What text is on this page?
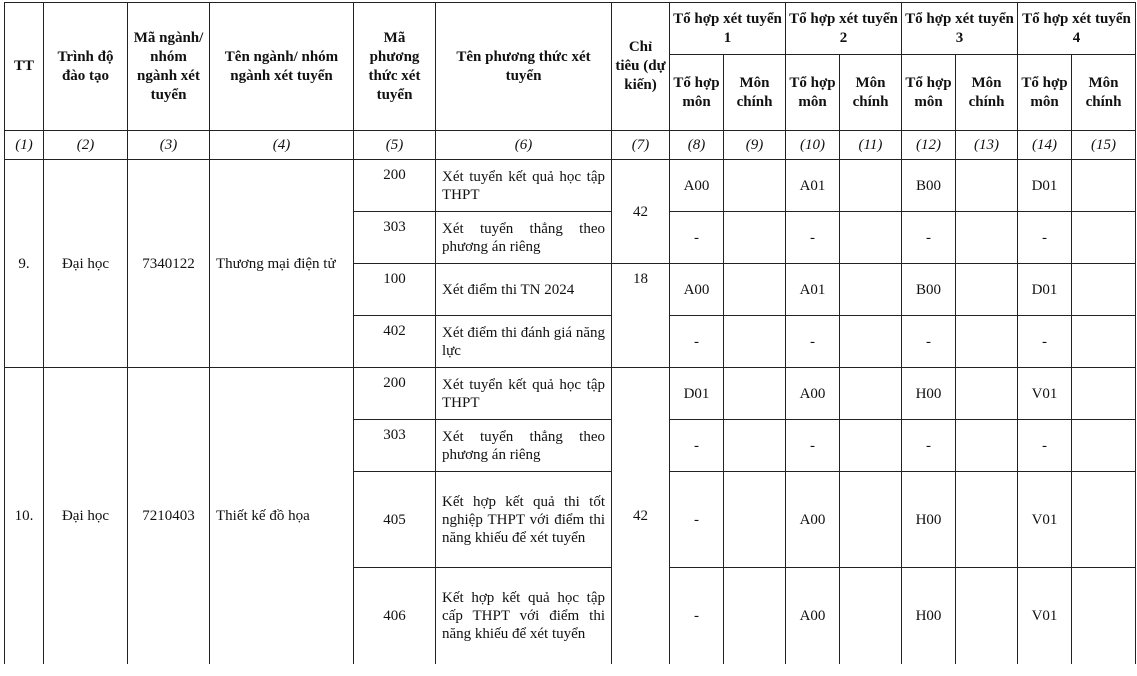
TT	Trình độ đào tạo	Mã ngành/ nhóm ngành xét tuyển	Tên ngành/ nhóm ngành xét tuyển	Mã phương thức xét tuyển	Tên phương thức xét tuyển	Chỉ tiêu (dự kiến)	Tổ hợp xét tuyển 1		Tổ hợp xét tuyển 2		Tổ hợp xét tuyển 3		Tổ hợp xét tuyển 4	
							Tổ hợp môn	Môn chính	Tổ hợp môn	Môn chính	Tổ hợp môn	Môn chính	Tổ hợp môn	Môn chính
(1)	(2)	(3)	(4)	(5)	(6)	(7)	(8)	(9)	(10)	(11)	(12)	(13)	(14)	(15)
9.	Đại học	7340122	Thương mại điện tử	200	Xét tuyển kết quả học tập THPT	42	A00		A01		B00		D01	
				303	Xét tuyển thẳng theo phương án riêng		-		-		-		-	
				100	Xét điểm thi TN 2024	18	A00		A01		B00		D01	
				402	Xét điểm thi đánh giá năng lực		-		-		-		-	
10.	Đại học	7210403	Thiết kế đồ họa	200	Xét tuyển kết quả học tập THPT	42	D01		A00		H00		V01	
				303	Xét tuyển thẳng theo phương án riêng		-		-		-		-	
				405	Kết hợp kết quả thi tốt nghiệp THPT với điểm thi năng khiếu để xét tuyển		-		A00		H00		V01	
				406	Kết hợp kết quả học tập cấp THPT với điểm thi năng khiếu để xét tuyển		-		A00		H00		V01	
